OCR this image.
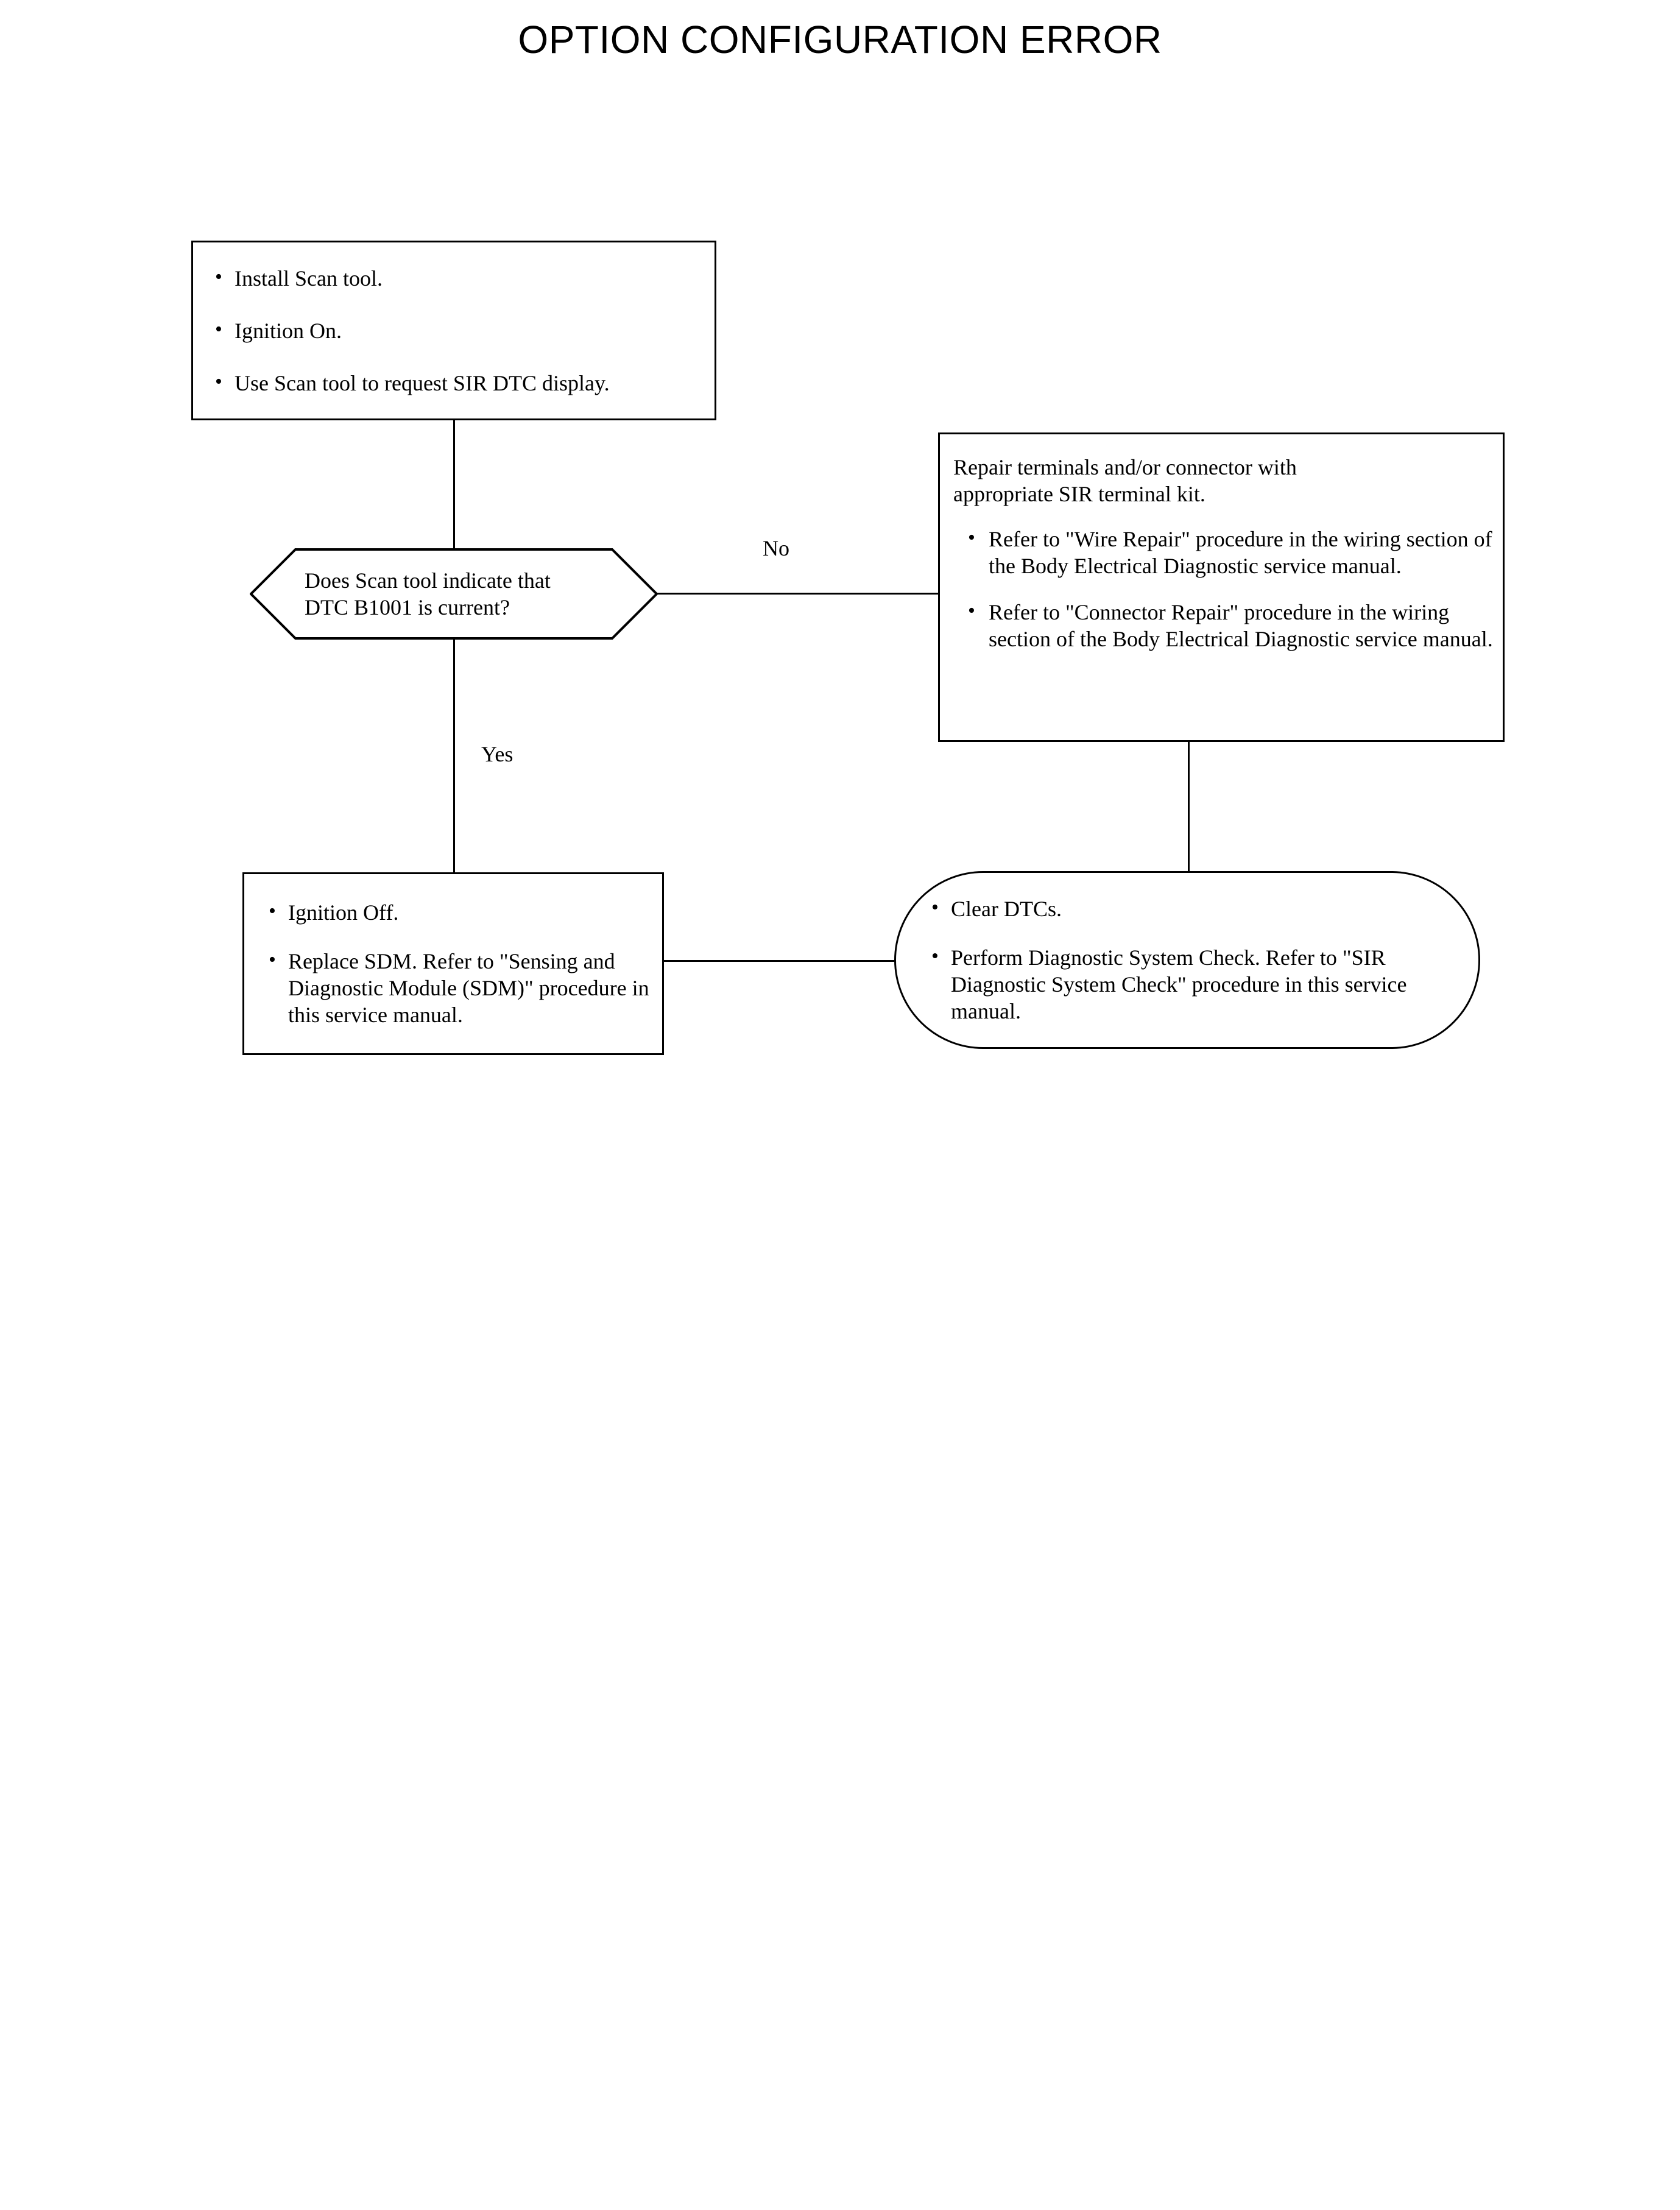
OPTION CONFIGURATION ERROR
• Install Scan tool.
• Ignition On.
• Use Scan tool to request SIR DTC display.
Does Scan tool indicate that
DTC B1001 is current?
No
Yes
Repair terminals and/or connector with
appropriate SIR terminal kit.
• Refer to "Wire Repair" procedure in the wiring section of the Body Electrical Diagnostic service manual.
• Refer to "Connector Repair" procedure in the wiring section of the Body Electrical Diagnostic service manual.
• Ignition Off.
• Replace SDM. Refer to "Sensing and Diagnostic Module (SDM)" procedure in this service manual.
• Clear DTCs.
• Perform Diagnostic System Check. Refer to "SIR Diagnostic System Check" procedure in this service manual.
